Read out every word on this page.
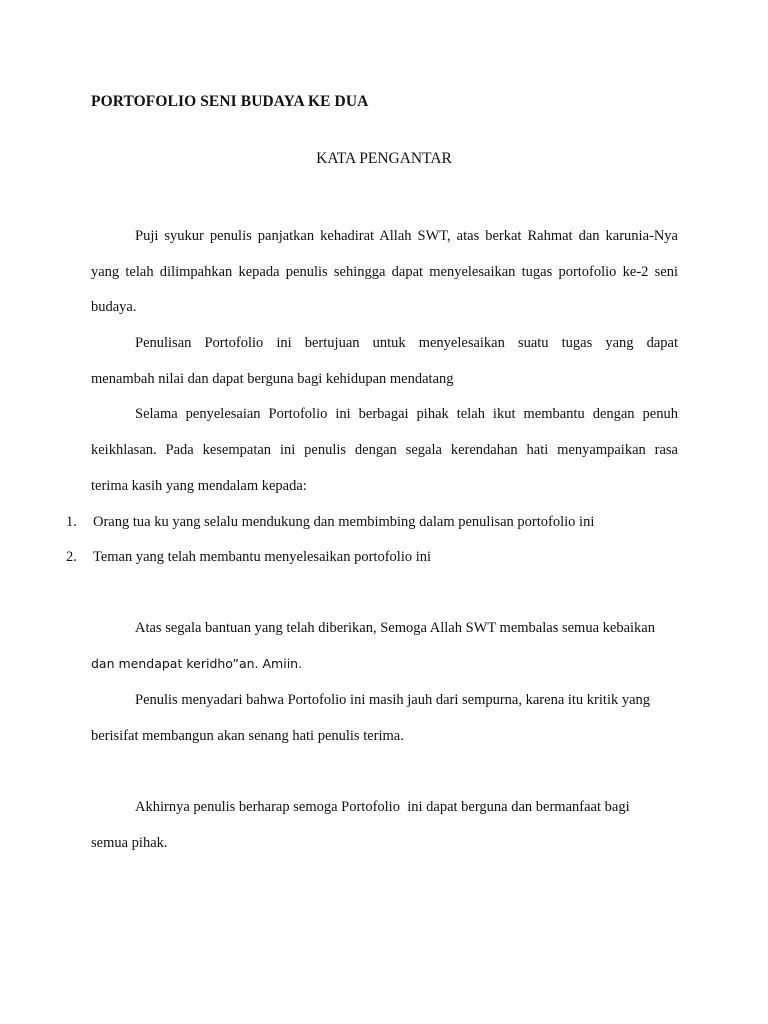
PORTOFOLIO SENI BUDAYA KE DUA
KATA PENGANTAR
Puji syukur penulis panjatkan kehadirat Allah SWT, atas berkat Rahmat dan karunia-Nya
yang telah dilimpahkan kepada penulis sehingga dapat menyelesaikan tugas portofolio ke-2 seni
budaya.
Penulisan Portofolio ini bertujuan untuk menyelesaikan suatu tugas yang dapat
menambah nilai dan dapat berguna bagi kehidupan mendatang
Selama penyelesaian Portofolio ini berbagai pihak telah ikut membantu dengan penuh
keikhlasan. Pada kesempatan ini penulis dengan segala kerendahan hati menyampaikan rasa
terima kasih yang mendalam kepada:
1. Orang tua ku yang selalu mendukung dan membimbing dalam penulisan portofolio ini
2. Teman yang telah membantu menyelesaikan portofolio ini
Atas segala bantuan yang telah diberikan, Semoga Allah SWT membalas semua kebaikan
dan mendapat keridho”an. Amiin.
Penulis menyadari bahwa Portofolio ini masih jauh dari sempurna, karena itu kritik yang
berisifat membangun akan senang hati penulis terima.
Akhirnya penulis berharap semoga Portofolio  ini dapat berguna dan bermanfaat bagi
semua pihak.
